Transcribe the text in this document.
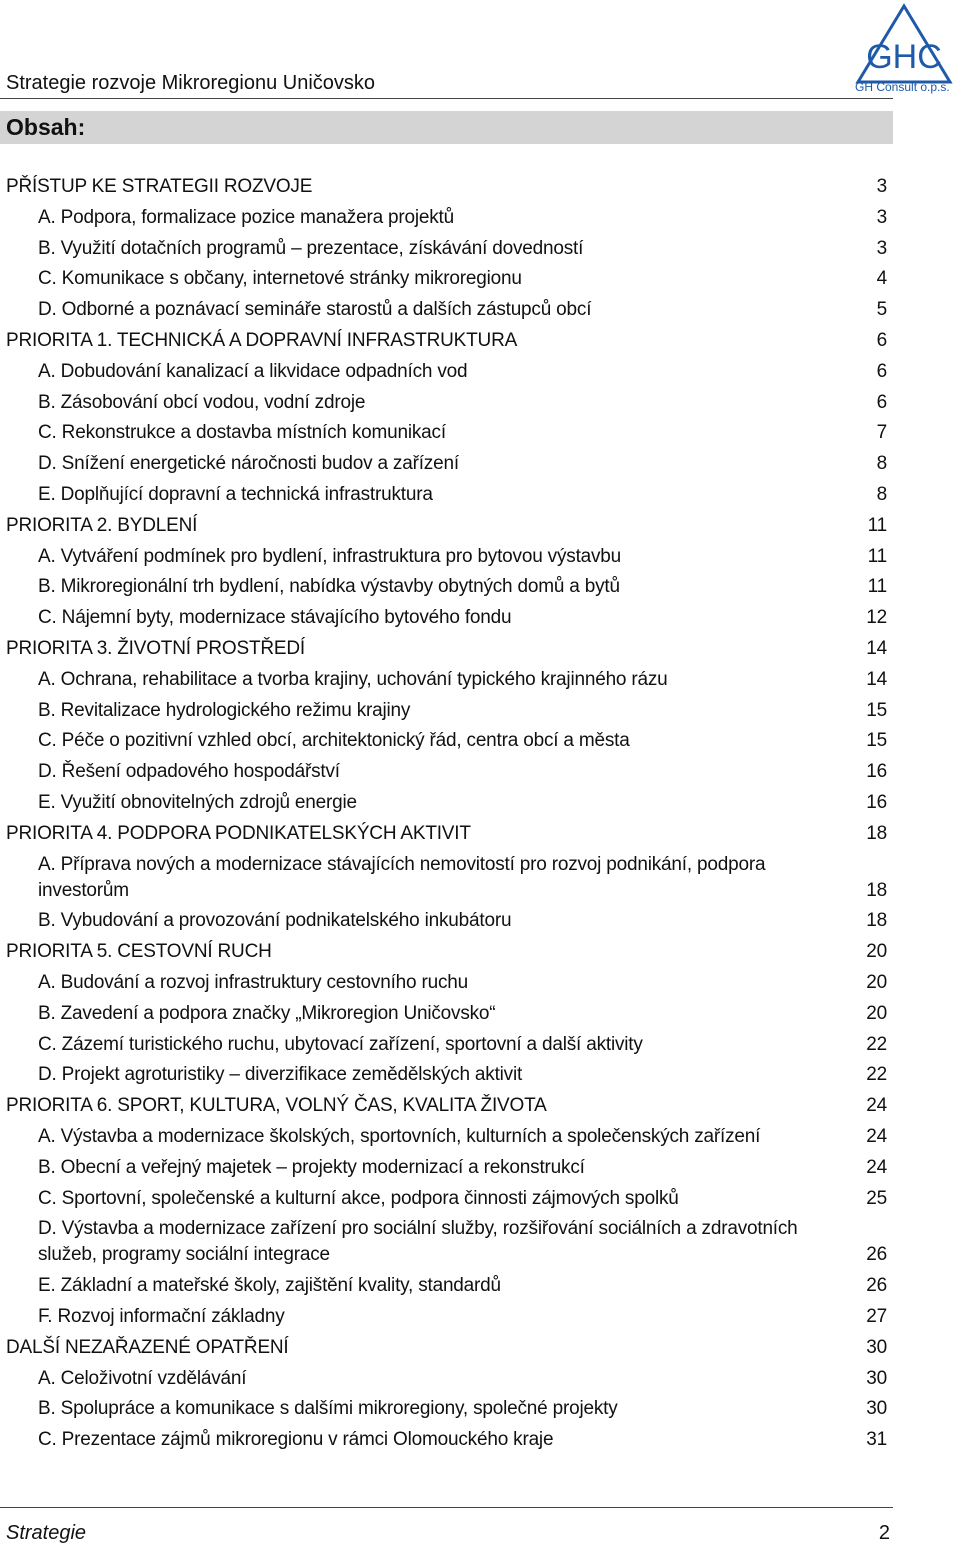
Strategie rozvoje Mikroregionu Uničovsko
GHC
GH Consult o.p.s.
Obsah:
PŘÍSTUP KE STRATEGII ROZVOJE	3
A. Podpora, formalizace pozice manažera projektů	3
B. Využití dotačních programů – prezentace, získávání dovedností	3
C. Komunikace s občany, internetové stránky mikroregionu	4
D. Odborné a poznávací semináře starostů a dalších zástupců obcí	5
PRIORITA 1. TECHNICKÁ A DOPRAVNÍ INFRASTRUKTURA	6
A. Dobudování kanalizací a likvidace odpadních vod	6
B. Zásobování obcí vodou, vodní zdroje	6
C. Rekonstrukce a dostavba místních komunikací	7
D. Snížení energetické náročnosti budov a zařízení	8
E. Doplňující dopravní a technická infrastruktura	8
PRIORITA 2. BYDLENÍ	11
A. Vytváření podmínek pro bydlení, infrastruktura pro bytovou výstavbu	11
B. Mikroregionální trh bydlení, nabídka výstavby obytných domů a bytů	11
C. Nájemní byty, modernizace stávajícího bytového fondu	12
PRIORITA 3. ŽIVOTNÍ PROSTŘEDÍ	14
A. Ochrana, rehabilitace a tvorba krajiny, uchování typického krajinného rázu	14
B. Revitalizace hydrologického režimu krajiny	15
C. Péče o pozitivní vzhled obcí, architektonický řád, centra obcí a města	15
D. Řešení odpadového hospodářství	16
E. Využití obnovitelných zdrojů energie	16
PRIORITA 4. PODPORA PODNIKATELSKÝCH AKTIVIT	18
A. Příprava nových a modernizace stávajících nemovitostí pro rozvoj podnikání, podpora
investorům	18
B. Vybudování a provozování podnikatelského inkubátoru	18
PRIORITA 5. CESTOVNÍ RUCH	20
A. Budování a rozvoj infrastruktury cestovního ruchu	20
B. Zavedení a podpora značky „Mikroregion Uničovsko“	20
C. Zázemí turistického ruchu, ubytovací zařízení, sportovní a další aktivity	22
D. Projekt agroturistiky – diverzifikace zemědělských aktivit	22
PRIORITA 6. SPORT, KULTURA, VOLNÝ ČAS, KVALITA ŽIVOTA	24
A. Výstavba a modernizace školských, sportovních, kulturních a společenských zařízení	24
B. Obecní a veřejný majetek – projekty modernizací a rekonstrukcí	24
C. Sportovní, společenské a kulturní akce, podpora činnosti zájmových spolků	25
D. Výstavba a modernizace zařízení pro sociální služby, rozšiřování sociálních a zdravotních
služeb, programy sociální integrace	26
E. Základní a mateřské školy, zajištění kvality, standardů	26
F. Rozvoj informační základny	27
DALŠÍ NEZAŘAZENÉ OPATŘENÍ	30
A. Celoživotní vzdělávání	30
B. Spolupráce a komunikace s dalšími mikroregiony, společné projekty	30
C. Prezentace zájmů mikroregionu v rámci Olomouckého kraje	31
Strategie	2
